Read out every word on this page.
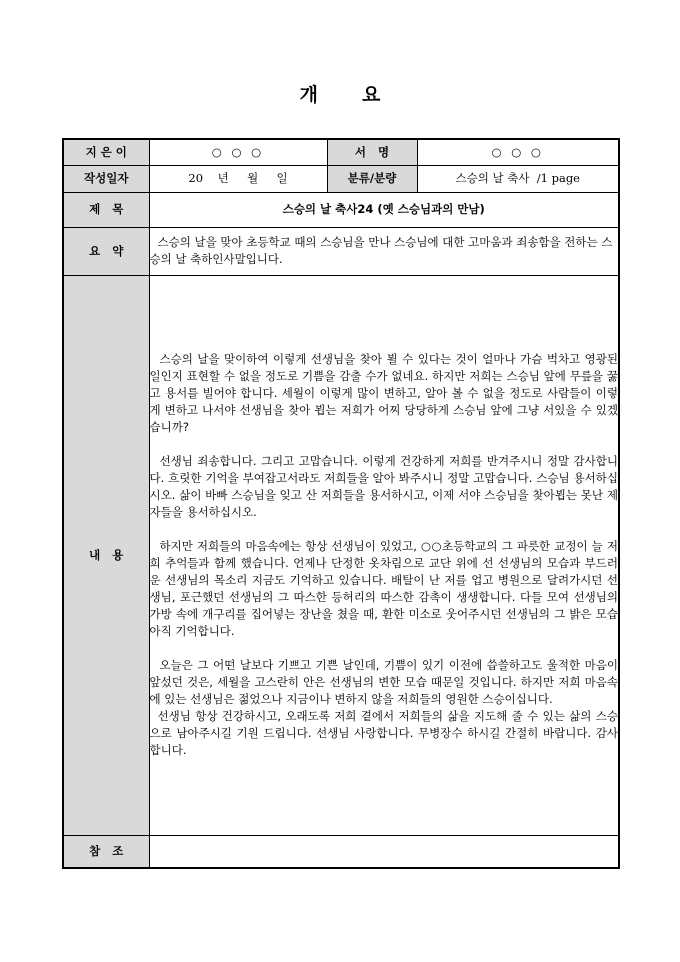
개 요
지 은 이	○ ○ ○	서   명	○ ○ ○
작성일자	20    년     월     일	분류/분량	스승의 날 축사  /1 page
제   목	스승의 날 축사24 (옛 스승님과의 만남)		
요   약	스승의 날을 맞아 초등학교 때의 스승님을 만나 스승님에 대한 고마움과 죄송함을 전하는 스승의 날 축하인사말입니다.		
내   용	스승의 날을 맞이하여 이렇게 선생님을 찾아 뵐 수 있다는 것이 얼마나 가슴 벅차고 영광된 일인지 표현할 수 없을 정도로 기쁨을 감출 수가 없네요. 하지만 저희는 스승님 앞에 무릎을 꿇고 용서를 빌어야 합니다. 세월이 이렇게 많이 변하고, 알아 볼 수 없을 정도로 사람들이 이렇게 변하고 나서야 선생님을 찾아 뵙는 저희가 어찌 당당하게 스승님 앞에 그냥 서있을 수 있겠습니까?

선생님 죄송합니다. 그리고 고맙습니다. 이렇게 건강하게 저희를 반겨주시니 정말 감사합니다. 흐릿한 기억을 부여잡고서라도 저희들을 알아 봐주시니 정말 고맙습니다. 스승님 용서하십시오. 삶이 바빠 스승님을 잊고 산 저희들을 용서하시고, 이제 서야 스승님을 찾아뵙는 못난 제자들을 용서하십시오.

하지만 저희들의 마음속에는 항상 선생님이 있었고, ○○초등학교의 그 파릇한 교정이 늘 저희 추억들과 함께 했습니다. 언제나 단정한 옷차림으로 교단 위에 선 선생님의 모습과 부드러운 선생님의 목소리 지금도 기억하고 있습니다. 배탈이 난 저를 업고 병원으로 달려가시던 선생님, 포근했던 선생님의 그 따스한 등허리의 따스한 감촉이 생생합니다. 다들 모여 선생님의 가방 속에 개구리를 집어넣는 장난을 쳤을 때, 환한 미소로 웃어주시던 선생님의 그 밝은 모습 아직 기억합니다.

오늘은 그 어떤 날보다 기쁘고 기쁜 날인데, 기쁨이 있기 이전에 씁쓸하고도 울적한 마음이 앞섰던 것은, 세월을 고스란히 안은 선생님의 변한 모습 때문일 것입니다. 하지만 저희 마음속에 있는 선생님은 젊었으나 지금이나 변하지 않을 저희들의 영원한 스승이십니다.

선생님 항상 건강하시고, 오래도록 저희 곁에서 저희들의 삶을 지도해 줄 수 있는 삶의 스승으로 남아주시길 기원 드립니다. 선생님 사랑합니다. 무병장수 하시길 간절히 바랍니다. 감사합니다.		

참   조			
